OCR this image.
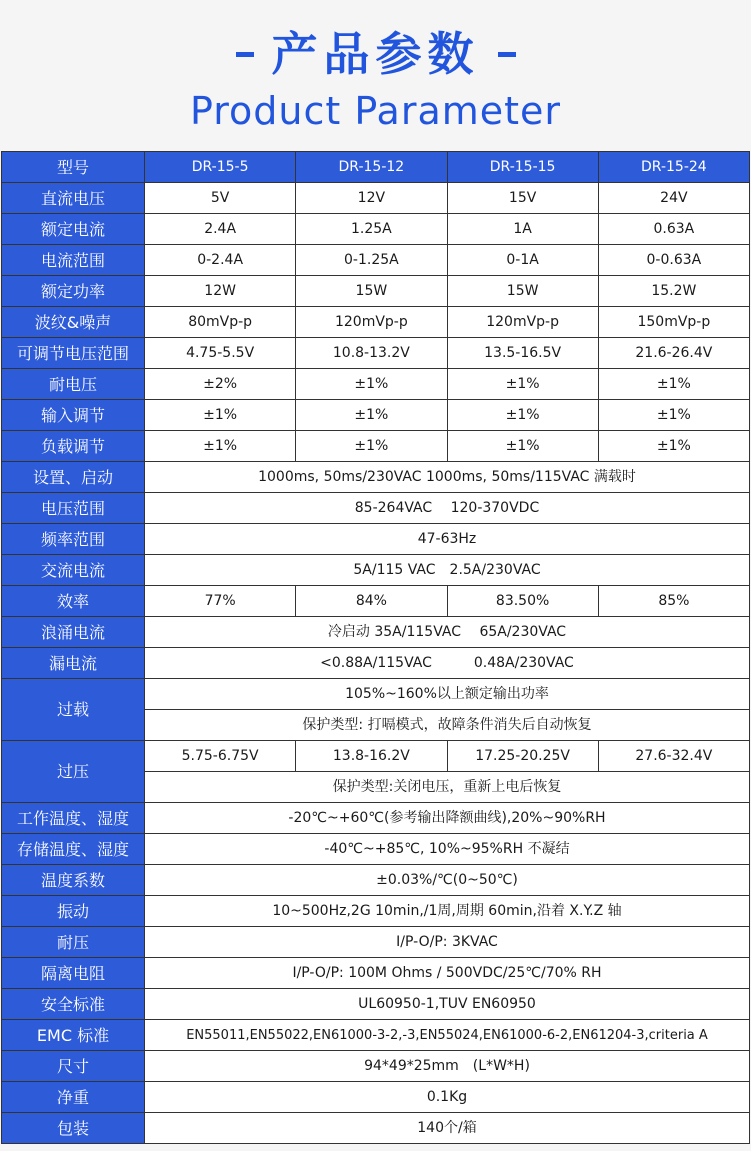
产品参数
Product Parameter
型号	DR-15-5	DR-15-12	DR-15-15	DR-15-24
直流电压	5V	12V	15V	24V
额定电流	2.4A	1.25A	1A	0.63A
电流范围	0-2.4A	0-1.25A	0-1A	0-0.63A
额定功率	12W	15W	15W	15.2W
波纹&噪声	80mVp-p	120mVp-p	120mVp-p	150mVp-p
可调节电压范围	4.75-5.5V	10.8-13.2V	13.5-16.5V	21.6-26.4V
耐电压	±2%	±1%	±1%	±1%
输入调节	±1%	±1%	±1%	±1%
负载调节	±1%	±1%	±1%	±1%
设置、启动	1000ms, 50ms/230VAC 1000ms, 50ms/115VAC 满载时			
电压范围	85-264VAC　 120-370VDC			
频率范围	47-63Hz			
交流电流	5A/115 VAC　2.5A/230VAC			
效率	77%	84%	83.50%	85%
浪涌电流	冷启动 35A/115VAC　 65A/230VAC			
漏电流	<0.88A/115VAC　　　0.48A/230VAC			
过载	105%~160%以上额定输出功率			
	保护类型: 打嗝模式，故障条件消失后自动恢复			
过压	5.75-6.75V	13.8-16.2V	17.25-20.25V	27.6-32.4V
	保护类型:关闭电压，重新上电后恢复			
工作温度、湿度	-20℃~+60℃(参考输出降额曲线),20%~90%RH			
存储温度、湿度	-40℃~+85℃, 10%~95%RH 不凝结			
温度系数	±0.03%/℃(0~50℃)			
振动	10~500Hz,2G 10min,/1周,周期 60min,沿着 X.Y.Z 轴			
耐压	I/P-O/P: 3KVAC			
隔离电阻	I/P-O/P: 100M Ohms / 500VDC/25℃/70% RH			
安全标准	UL60950-1,TUV EN60950			
EMC 标准	EN55011,EN55022,EN61000-3-2,-3,EN55024,EN61000-6-2,EN61204-3,criteria A			
尺寸	94*49*25mm　(L*W*H)			
净重	0.1Kg			
包装	140个/箱			
